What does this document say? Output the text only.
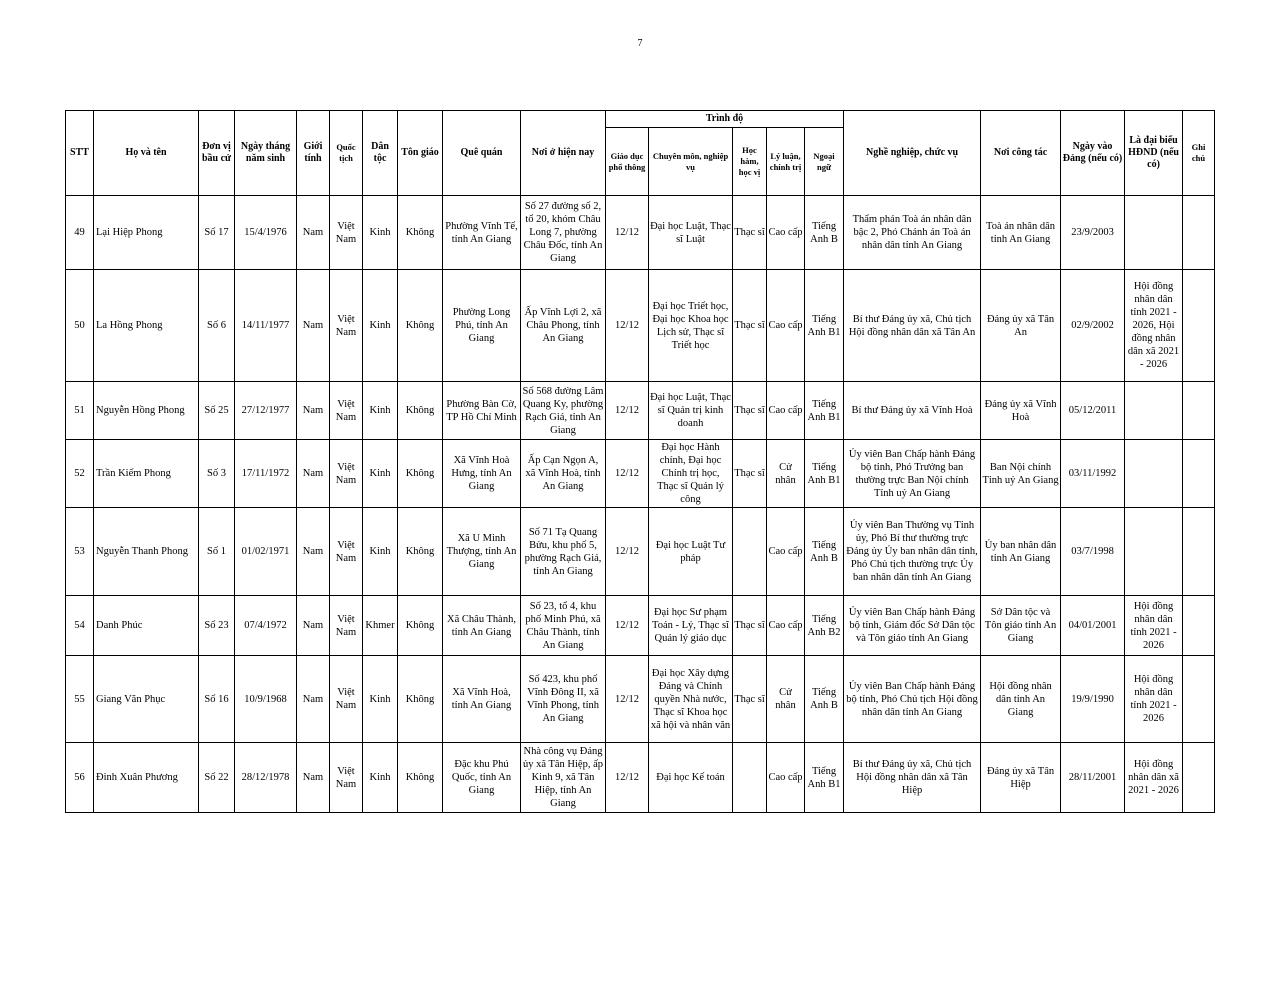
7
STT	Họ và tên	Đơn vị bầu cử	Ngày tháng năm sinh	Giới tính	Quốc tịch	Dân tộc	Tôn giáo	Quê quán	Nơi ở hiện nay	Trình độ					Nghề nghiệp, chức vụ	Nơi công tác	Ngày vào Đảng (nếu có)	Là đại biểu HĐND (nếu có)	Ghi chú
										Giáo dục phổ thông	Chuyên môn, nghiệp vụ	Học hàm, học vị	Lý luận, chính trị	Ngoại ngữ					
49	Lại Hiệp Phong	Số 17	15/4/1976	Nam	Việt Nam	Kinh	Không	Phường Vĩnh Tế, tỉnh An Giang	Số 27 đường số 2, tổ 20, khóm Châu Long 7, phường Châu Đốc, tỉnh An Giang	12/12	Đại học Luật, Thạc sĩ Luật	Thạc sĩ	Cao cấp	Tiếng Anh B	Thẩm phán Toà án nhân dân bậc 2, Phó Chánh án Toà án nhân dân tỉnh An Giang	Toà án nhân dân tỉnh An Giang	23/9/2003		
50	La Hồng Phong	Số 6	14/11/1977	Nam	Việt Nam	Kinh	Không	Phường Long Phú, tỉnh An Giang	Ấp Vĩnh Lợi 2, xã Châu Phong, tỉnh An Giang	12/12	Đại học Triết học, Đại học Khoa học Lịch sử, Thạc sĩ Triết học	Thạc sĩ	Cao cấp	Tiếng Anh B1	Bí thư Đảng ủy xã, Chủ tịch Hội đồng nhân dân xã Tân An	Đảng ủy xã Tân An	02/9/2002	Hội đồng nhân dân tỉnh 2021 - 2026, Hội đồng nhân dân xã 2021 - 2026	
51	Nguyễn Hồng Phong	Số 25	27/12/1977	Nam	Việt Nam	Kinh	Không	Phường Bàn Cờ, TP Hồ Chí Minh	Số 568 đường Lâm Quang Ky, phường Rạch Giá, tỉnh An Giang	12/12	Đại học Luật, Thạc sĩ Quản trị kinh doanh	Thạc sĩ	Cao cấp	Tiếng Anh B1	Bí thư Đảng ủy xã Vĩnh Hoà	Đảng ủy xã Vĩnh Hoà	05/12/2011		
52	Trần Kiếm Phong	Số 3	17/11/1972	Nam	Việt Nam	Kinh	Không	Xã Vĩnh Hoà Hưng, tỉnh An Giang	Ấp Cạn Ngọn A, xã Vĩnh Hoà, tỉnh An Giang	12/12	Đại học Hành chính, Đại học Chính trị học, Thạc sĩ Quản lý công	Thạc sĩ	Cử nhân	Tiếng Anh B1	Ủy viên Ban Chấp hành Đảng bộ tỉnh, Phó Trưởng ban thường trực Ban Nội chính Tỉnh uỷ An Giang	Ban Nội chính Tỉnh uỷ An Giang	03/11/1992		
53	Nguyễn Thanh Phong	Số 1	01/02/1971	Nam	Việt Nam	Kinh	Không	Xã U Minh Thượng, tỉnh An Giang	Số 71 Tạ Quang Bửu, khu phố 5, phường Rạch Giá, tỉnh An Giang	12/12	Đại học Luật Tư pháp		Cao cấp	Tiếng Anh B	Ủy viên Ban Thường vụ Tỉnh ủy, Phó Bí thư thường trực Đảng ủy Ủy ban nhân dân tỉnh, Phó Chủ tịch thường trực Ủy ban nhân dân tỉnh An Giang	Ủy ban nhân dân tỉnh An Giang	03/7/1998		
54	Danh Phúc	Số 23	07/4/1972	Nam	Việt Nam	Khmer	Không	Xã Châu Thành, tỉnh An Giang	Số 23, tổ 4, khu phố Minh Phú, xã Châu Thành, tỉnh An Giang	12/12	Đại học Sư phạm Toán - Lý, Thạc sĩ Quản lý giáo dục	Thạc sĩ	Cao cấp	Tiếng Anh B2	Ủy viên Ban Chấp hành Đảng bộ tỉnh, Giám đốc Sở Dân tộc và Tôn giáo tỉnh An Giang	Sở Dân tộc và Tôn giáo tỉnh An Giang	04/01/2001	Hội đồng nhân dân tỉnh 2021 - 2026	
55	Giang Văn Phục	Số 16	10/9/1968	Nam	Việt Nam	Kinh	Không	Xã Vĩnh Hoà, tỉnh An Giang	Số 423, khu phố Vĩnh Đông II, xã Vĩnh Phong, tỉnh An Giang	12/12	Đại học Xây dựng Đảng và Chính quyền Nhà nước, Thạc sĩ Khoa học xã hội và nhân văn	Thạc sĩ	Cử nhân	Tiếng Anh B	Ủy viên Ban Chấp hành Đảng bộ tỉnh, Phó Chủ tịch Hội đồng nhân dân tỉnh An Giang	Hội đồng nhân dân tỉnh An Giang	19/9/1990	Hội đồng nhân dân tỉnh 2021 - 2026	
56	Đinh Xuân Phương	Số 22	28/12/1978	Nam	Việt Nam	Kinh	Không	Đặc khu Phú Quốc, tỉnh An Giang	Nhà công vụ Đảng ủy xã Tân Hiệp, ấp Kinh 9, xã Tân Hiệp, tỉnh An Giang	12/12	Đại học Kế toán		Cao cấp	Tiếng Anh B1	Bí thư Đảng ủy xã, Chủ tịch Hội đồng nhân dân xã Tân Hiệp	Đảng ủy xã Tân Hiệp	28/11/2001	Hội đồng nhân dân xã 2021 - 2026	
